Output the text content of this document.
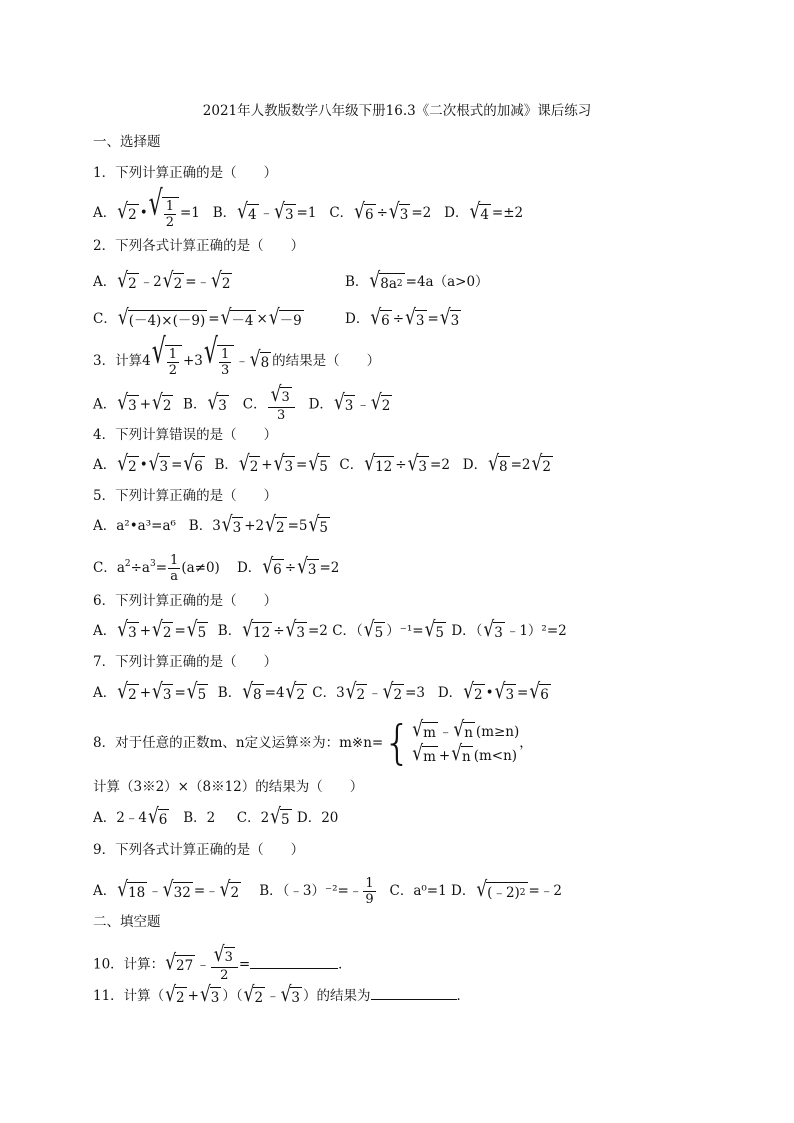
2021年人教版数学八年级下册16.3《二次根式的加减》课后练习
一、选择题
1．下列计算正确的是（　　）
A． √ 2 • √ 1
2
=1 B． √ 4 ﹣ √ 3 =1 C． √ 6 ÷ √ 3 =2 D． √ 4 =±2
2．下列各式计算正确的是（　　）
A． √ 2 ﹣2 √ 2 =﹣ √ 2	B． √ 8a 2 =4a（a>0）
C． √ (－4)×(－9) = √ －4 × √ －9	D． √ 6 ÷ √ 3 = √ 3
3．计算4 √ 1
2
+3 √ 1
3
﹣ √ 8 的结果是（　　）
A． √ 3 + √ 2 B． √ 3 C． $\frac{√ 3}{3}$ D． √ 3 ﹣ √ 2
4．下列计算错误的是（　　）
A． √ 2 • √ 3 = √ 6 B． √ 2 + √ 3 = √ 5 C． √ 12 ÷ √ 3 =2 D． √ 8 =2 √ 2
5．下列计算正确的是（　　）
A．a²•a³=a⁶ B．3 √ 3 +2 √ 2 =5 √ 5
C．$a^2\div a^3= \frac{1}{a} (a\ne 0)$ D． √ 6 ÷ √ 3 =2
6．下列计算正确的是（　　）
A． √ 3 + √ 2 = √ 5 B． √ 12 ÷ √ 3 =2 C．（ √ 5 ）⁻¹= √ 5 D．（ √ 3 ﹣1）²=2
7．下列计算正确的是（　　）
A． √ 2 + √ 3 = √ 5 B． √ 8 =4 √ 2 C．3 √ 2 ﹣ √ 2 =3 D． √ 2 • √ 3 = √ 6
8．对于任意的正数m、n定义运算※为：m※n= { √ m ﹣ √ n (m≥n)
√ m + √ n (m<n)
，
计算（3※2）×（8※12）的结果为（　　）
A．2﹣4 √ 6 B．2 C．2 √ 5 D．20
9．下列各式计算正确的是（　　）
A． √ 18 ﹣ √ 32 =﹣ √ 2 B．（﹣3）⁻²=﹣ $\frac{1}{9}$ C．a⁰=1 D． √ (﹣2) 2 =﹣2
二、填空题
10．计算： √ 27 ﹣ $\frac{√ 3}{2}$ =	．
11．计算（ √ 2 + √ 3 ）（ √ 2 ﹣ √ 3 ）的结果为	．
